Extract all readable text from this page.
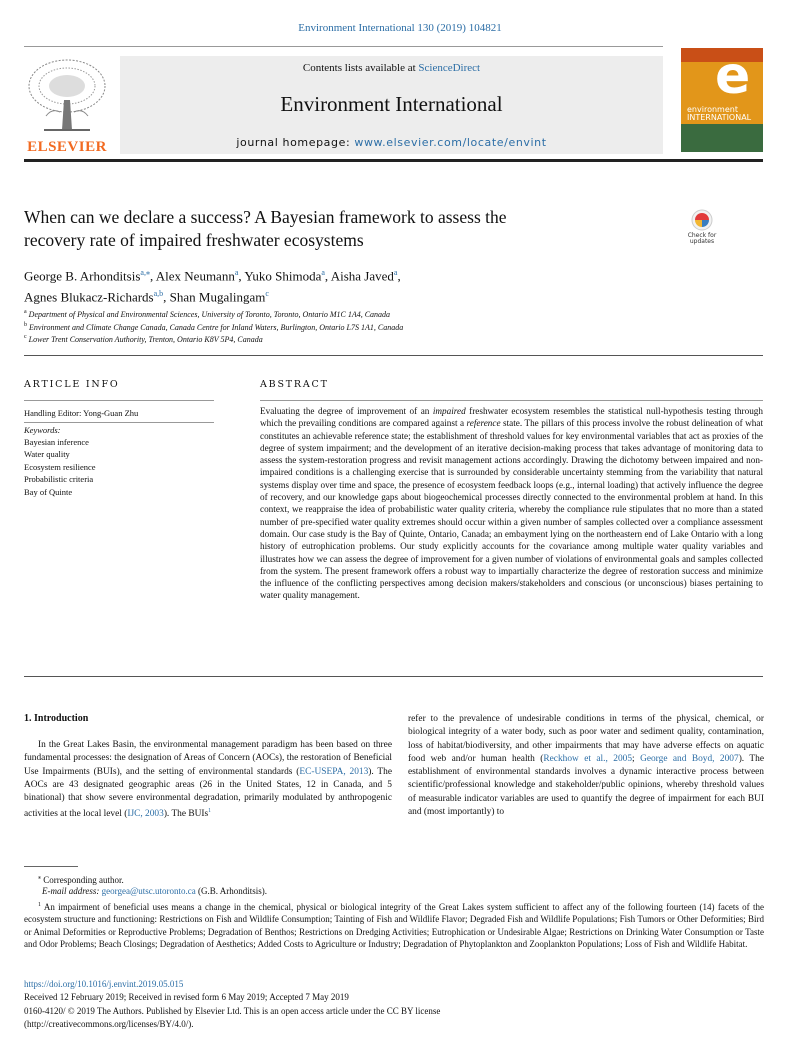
Environment International 130 (2019) 104821
ELSEVIER
Contents lists available at ScienceDirect
Environment International
journal homepage: www.elsevier.com/locate/envint
e
environment
INTERNATIONAL
When can we declare a success? A Bayesian framework to assess the
recovery rate of impaired freshwater ecosystems	Check for updates
George B. Arhonditsis$^{a,⁎}$, Alex Neumann$^a$, Yuko Shimoda$^a$, Aisha Javed$^a$,
Agnes Blukacz-Richards$^{a,b}$, Shan Mugalingam$^c$
$^a$ Department of Physical and Environmental Sciences, University of Toronto, Toronto, Ontario M1C 1A4, Canada
$^b$ Environment and Climate Change Canada, Canada Centre for Inland Waters, Burlington, Ontario L7S 1A1, Canada
$^c$ Lower Trent Conservation Authority, Trenton, Ontario K8V 5P4, Canada
ARTICLE INFO	ABSTRACT
Handling Editor: Yong-Guan Zhu
Keywords:
Bayesian inference
Water quality
Ecosystem resilience
Probabilistic criteria
Bay of Quinte
Evaluating the degree of improvement of an impaired freshwater ecosystem resembles the statistical null-hypothesis testing through which the prevailing conditions are compared against a reference state. The pillars of this process involve the robust delineation of what constitutes an achievable reference state; the establishment of threshold values for key environmental variables that act as proxies of the degree of system impairment; and the development of an iterative decision-making process that takes advantage of monitoring data to assess the system-restoration progress and revisit management actions accordingly. Drawing the dichotomy between impaired and non-impaired conditions is a challenging exercise that is surrounded by considerable uncertainty stemming from the variability that natural systems display over time and space, the presence of ecosystem feedback loops (e.g., internal loading) that actively influence the degree of recovery, and our knowledge gaps about biogeochemical processes directly connected to the environmental problem at hand. In this context, we reappraise the idea of probabilistic water quality criteria, whereby the compliance rule stipulates that no more than a stated number of pre-specified water quality extremes should occur within a given number of samples collected over a compliance assessment domain. Our case study is the Bay of Quinte, Ontario, Canada; an embayment lying on the northeastern end of Lake Ontario with a long history of eutrophication problems. Our study explicitly accounts for the covariance among multiple water quality variables and illustrates how we can assess the degree of improvement for a given number of violations of environmental goals and samples collected from the system. The present framework offers a robust way to impartially characterize the degree of restoration success and minimize the influence of the conflicting perspectives among decision makers/stakeholders and conscious (or unconscious) biases pertaining to water quality management.
1. Introduction

In the Great Lakes Basin, the environmental management paradigm has been based on three fundamental processes: the designation of Areas of Concern (AOCs), the restoration of Beneficial Use Impairments (BUIs), and the setting of environmental standards (EC-USEPA, 2013). The AOCs are 43 designated geographic areas (26 in the United States, 12 in Canada, and 5 binational) that show severe environmental degradation, primarily modulated by anthropogenic activities at the local level (IJC, 2003). The BUIs$^1$

refer to the prevalence of undesirable conditions in terms of the physical, chemical, or biological integrity of a water body, such as poor water and sediment quality, contamination, loss of habitat/biodiversity, and other impairments that may have adverse effects on aquatic food web and/or human health (Reckhow et al., 2005; George and Boyd, 2007). The establishment of environmental standards involves a dynamic interactive process between scientific/professional knowledge and stakeholder/public opinions, whereby threshold values of measurable indicator variables are used to quantify the degree of impairment for each BUI and (most importantly) to

⁎ Corresponding author.
E-mail address: georgea@utsc.utoronto.ca (G.B. Arhonditsis).
$^1$ An impairment of beneficial uses means a change in the chemical, physical or biological integrity of the Great Lakes system sufficient to affect any of the following fourteen (14) facets of the ecosystem structure and functioning: Restrictions on Fish and Wildlife Consumption; Tainting of Fish and Wildlife Flavor; Degraded Fish and Wildlife Populations; Fish Tumors or Other Deformities; Bird or Animal Deformities or Reproductive Problems; Degradation of Benthos; Restrictions on Dredging Activities; Eutrophication or Undesirable Algae; Restrictions on Drinking Water Consumption or Taste and Odor Problems; Beach Closings; Degradation of Aesthetics; Added Costs to Agriculture or Industry; Degradation of Phytoplankton and Zooplankton Populations; Loss of Fish and Wildlife Habitat.
https://doi.org/10.1016/j.envint.2019.05.015
Received 12 February 2019; Received in revised form 6 May 2019; Accepted 7 May 2019
0160-4120/ © 2019 The Authors. Published by Elsevier Ltd. This is an open access article under the CC BY license
(http://creativecommons.org/licenses/BY/4.0/).
